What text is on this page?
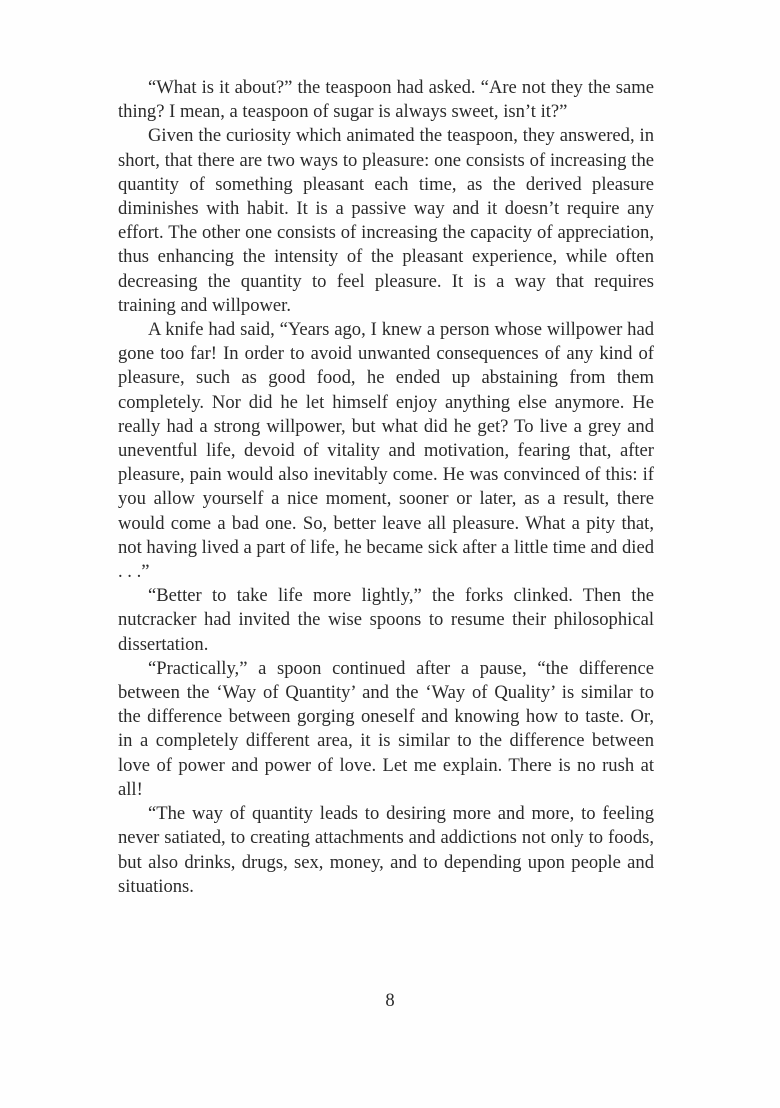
“What is it about?” the teaspoon had asked. “Are not they the same thing? I mean, a teaspoon of sugar is always sweet, isn’t it?”

Given the curiosity which animated the teaspoon, they answered, in short, that there are two ways to pleasure: one consists of increasing the quantity of something pleasant each time, as the derived pleasure diminishes with habit. It is a passive way and it doesn’t require any effort. The other one consists of increasing the capacity of appreciation, thus enhancing the intensity of the pleasant experience, while often decreasing the quantity to feel pleasure. It is a way that requires training and willpower.

A knife had said, “Years ago, I knew a person whose willpower had gone too far! In order to avoid unwanted consequences of any kind of pleasure, such as good food, he ended up abstaining from them completely. Nor did he let himself enjoy anything else anymore. He really had a strong willpower, but what did he get? To live a grey and uneventful life, devoid of vitality and motivation, fearing that, after pleasure, pain would also inevitably come. He was convinced of this: if you allow yourself a nice moment, sooner or later, as a result, there would come a bad one. So, better leave all pleasure. What a pity that, not having lived a part of life, he became sick after a little time and died . . .”

“Better to take life more lightly,” the forks clinked. Then the nutcracker had invited the wise spoons to resume their philosophical dissertation.

“Practically,” a spoon continued after a pause, “the difference between the ‘Way of Quantity’ and the ‘Way of Quality’ is similar to the difference between gorging oneself and knowing how to taste. Or, in a completely different area, it is similar to the difference between love of power and power of love. Let me explain. There is no rush at all!

“The way of quantity leads to desiring more and more, to feeling never satiated, to creating attachments and addictions not only to foods, but also drinks, drugs, sex, money, and to depending upon people and situations.

8
